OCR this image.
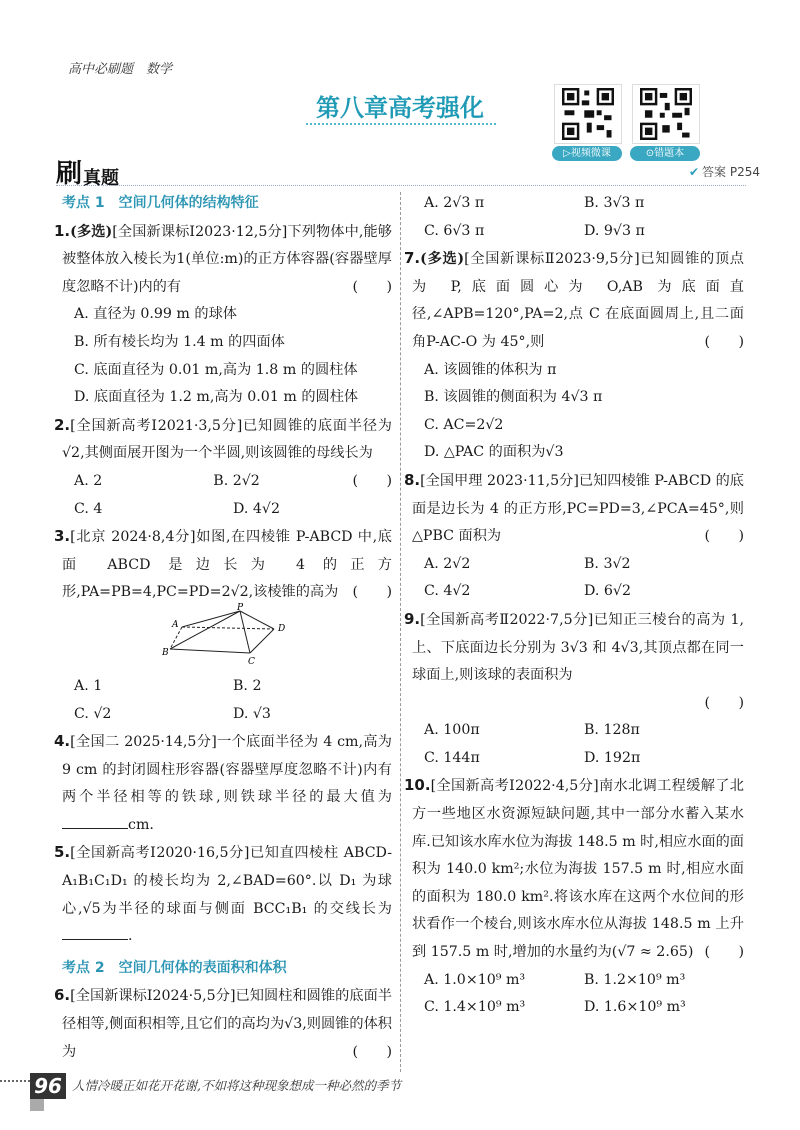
高中必刷题　数学
第八章高考强化
▷视频微课	⊙错题本
✔ 答案 P254
刷 真题
考点 1　空间几何体的结构特征
1.(多选)[全国新课标Ⅰ2023·12,5分]下列物体中,能够被整体放入棱长为1(单位:m)的正方体容器(容器壁厚度忽略不计)内的有	(　　)
A. 直径为 0.99 m 的球体
B. 所有棱长均为 1.4 m 的四面体
C. 底面直径为 0.01 m,高为 1.8 m 的圆柱体
D. 底面直径为 1.2 m,高为 0.01 m 的圆柱体
2.[全国新高考Ⅰ2021·3,5分]已知圆锥的底面半径为√2,其侧面展开图为一个半圆,则该圆锥的母线长为
(　　)
A. 2	B. 2√2
C. 4	D. 4√2
3.[北京 2024·8,4分]如图,在四棱锥 P-ABCD 中,底面 ABCD 是边长为 4 的正方形,PA=PB=4,PC=PD=2√2,该棱锥的高为 (　　)
P
A	D
B
C
A. 1	B. 2
C. √2	D. √3
4.[全国二 2025·14,5分]一个底面半径为 4 cm,高为 9 cm 的封闭圆柱形容器(容器壁厚度忽略不计)内有两个半径相等的铁球,则铁球半径的最大值为cm.
5.[全国新高考Ⅰ2020·16,5分]已知直四棱柱 ABCD-A₁B₁C₁D₁ 的棱长均为 2,∠BAD=60°.以 D₁ 为球心,√5为半径的球面与侧面 BCC₁B₁ 的交线长为.
考点 2　空间几何体的表面积和体积
6.[全国新课标Ⅰ2024·5,5分]已知圆柱和圆锥的底面半径相等,侧面积相等,且它们的高均为√3,则圆锥的体积为	(　　)
A. 2√3 π	B. 3√3 π
C. 6√3 π	D. 9√3 π
7.(多选)[全国新课标Ⅱ2023·9,5分]已知圆锥的顶点为 P,底面圆心为 O,AB 为底面直径,∠APB=120°,PA=2,点 C 在底面圆周上,且二面角P-AC-O 为 45°,则	(　　)
A. 该圆锥的体积为 π
B. 该圆锥的侧面积为 4√3 π
C. AC=2√2
D. △PAC 的面积为√3
8.[全国甲理 2023·11,5分]已知四棱锥 P-ABCD 的底面是边长为 4 的正方形,PC=PD=3,∠PCA=45°,则△PBC 面积为	(　　)
A. 2√2	B. 3√2
C. 4√2	D. 6√2
9.[全国新高考Ⅱ2022·7,5分]已知正三棱台的高为 1,上、下底面边长分别为 3√3 和 4√3,其顶点都在同一球面上,则该球的表面积为
(　　)
A. 100π	B. 128π
C. 144π	D. 192π
10.[全国新高考Ⅰ2022·4,5分]南水北调工程缓解了北方一些地区水资源短缺问题,其中一部分水蓄入某水库.已知该水库水位为海拔 148.5 m 时,相应水面的面积为 140.0 km²;水位为海拔 157.5 m 时,相应水面的面积为 180.0 km².将该水库在这两个水位间的形状看作一个棱台,则该水库水位从海拔 148.5 m 上升到 157.5 m 时,增加的水量约为(√7 ≈ 2.65) (　　)
A. 1.0×10⁹ m³	B. 1.2×10⁹ m³
C. 1.4×10⁹ m³	D. 1.6×10⁹ m³
96 人情冷暖正如花开花谢,不如将这种现象想成一种必然的季节
